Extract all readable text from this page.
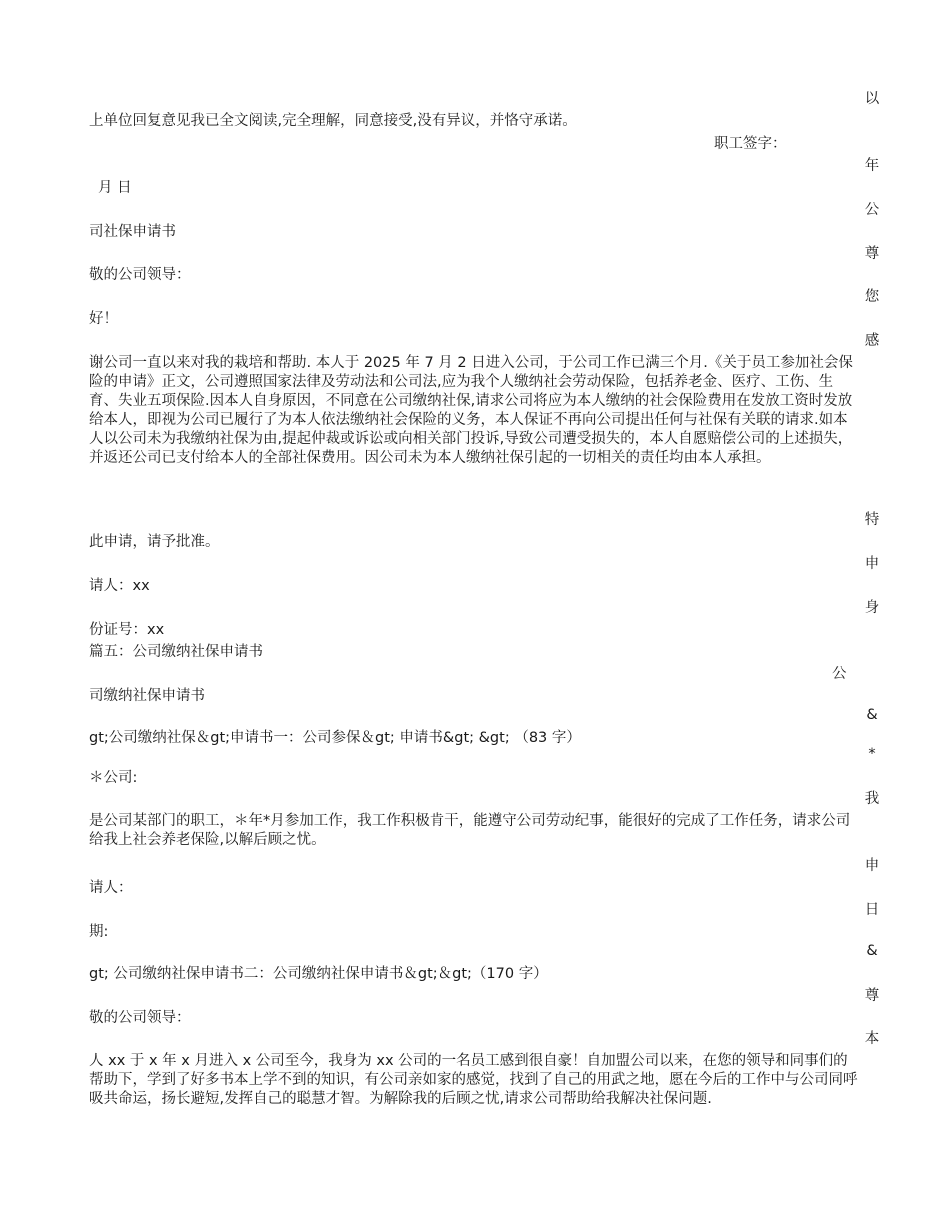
上单位回复意见我已全文阅读,完全理解，同意接受,没有异议，并恪守承诺。
职工签字：
月 日
司社保申请书
敬的公司领导：
好！
谢公司一直以来对我的栽培和帮助. 本人于 2025 年 7 月 2 日进入公司，于公司工作已满三个月.《关于员工参加社会保险的申请》正文，公司遵照国家法律及劳动法和公司法,应为我个人缴纳社会劳动保险，包括养老金、医疗、工伤、生育、失业五项保险.因本人自身原因，不同意在公司缴纳社保,请求公司将应为本人缴纳的社会保险费用在发放工资时发放给本人，即视为公司已履行了为本人依法缴纳社会保险的义务，本人保证不再向公司提出任何与社保有关联的请求.如本人以公司未为我缴纳社保为由,提起仲裁或诉讼或向相关部门投诉,导致公司遭受损失的，本人自愿赔偿公司的上述损失，并返还公司已支付给本人的全部社保费用。因公司未为本人缴纳社保引起的一切相关的责任均由本人承担。
此申请，请予批准。
请人：xx
份证号：xx
篇五：公司缴纳社保申请书
公
司缴纳社保申请书
gt;公司缴纳社保＆gt;申请书一：公司参保＆gt; 申请书&gt; &gt; （83 字）
＊公司:
是公司某部门的职工，＊年*月参加工作，我工作积极肯干，能遵守公司劳动纪事，能很好的完成了工作任务，请求公司给我上社会养老保险,以解后顾之忧。
请人：
期:
gt; 公司缴纳社保申请书二：公司缴纳社保申请书＆gt;＆gt;（170 字）
敬的公司领导：
人 xx 于 x 年 x 月进入 x 公司至今，我身为 xx 公司的一名员工感到很自豪！自加盟公司以来，在您的领导和同事们的帮助下，学到了好多书本上学不到的知识，有公司亲如家的感觉，找到了自己的用武之地，愿在今后的工作中与公司同呼吸共命运，扬长避短,发挥自己的聪慧才智。为解除我的后顾之忧,请求公司帮助给我解决社保问题.
以
年
公
尊
您
感
特
申
身
&
*
我
申
日
&
尊
本
